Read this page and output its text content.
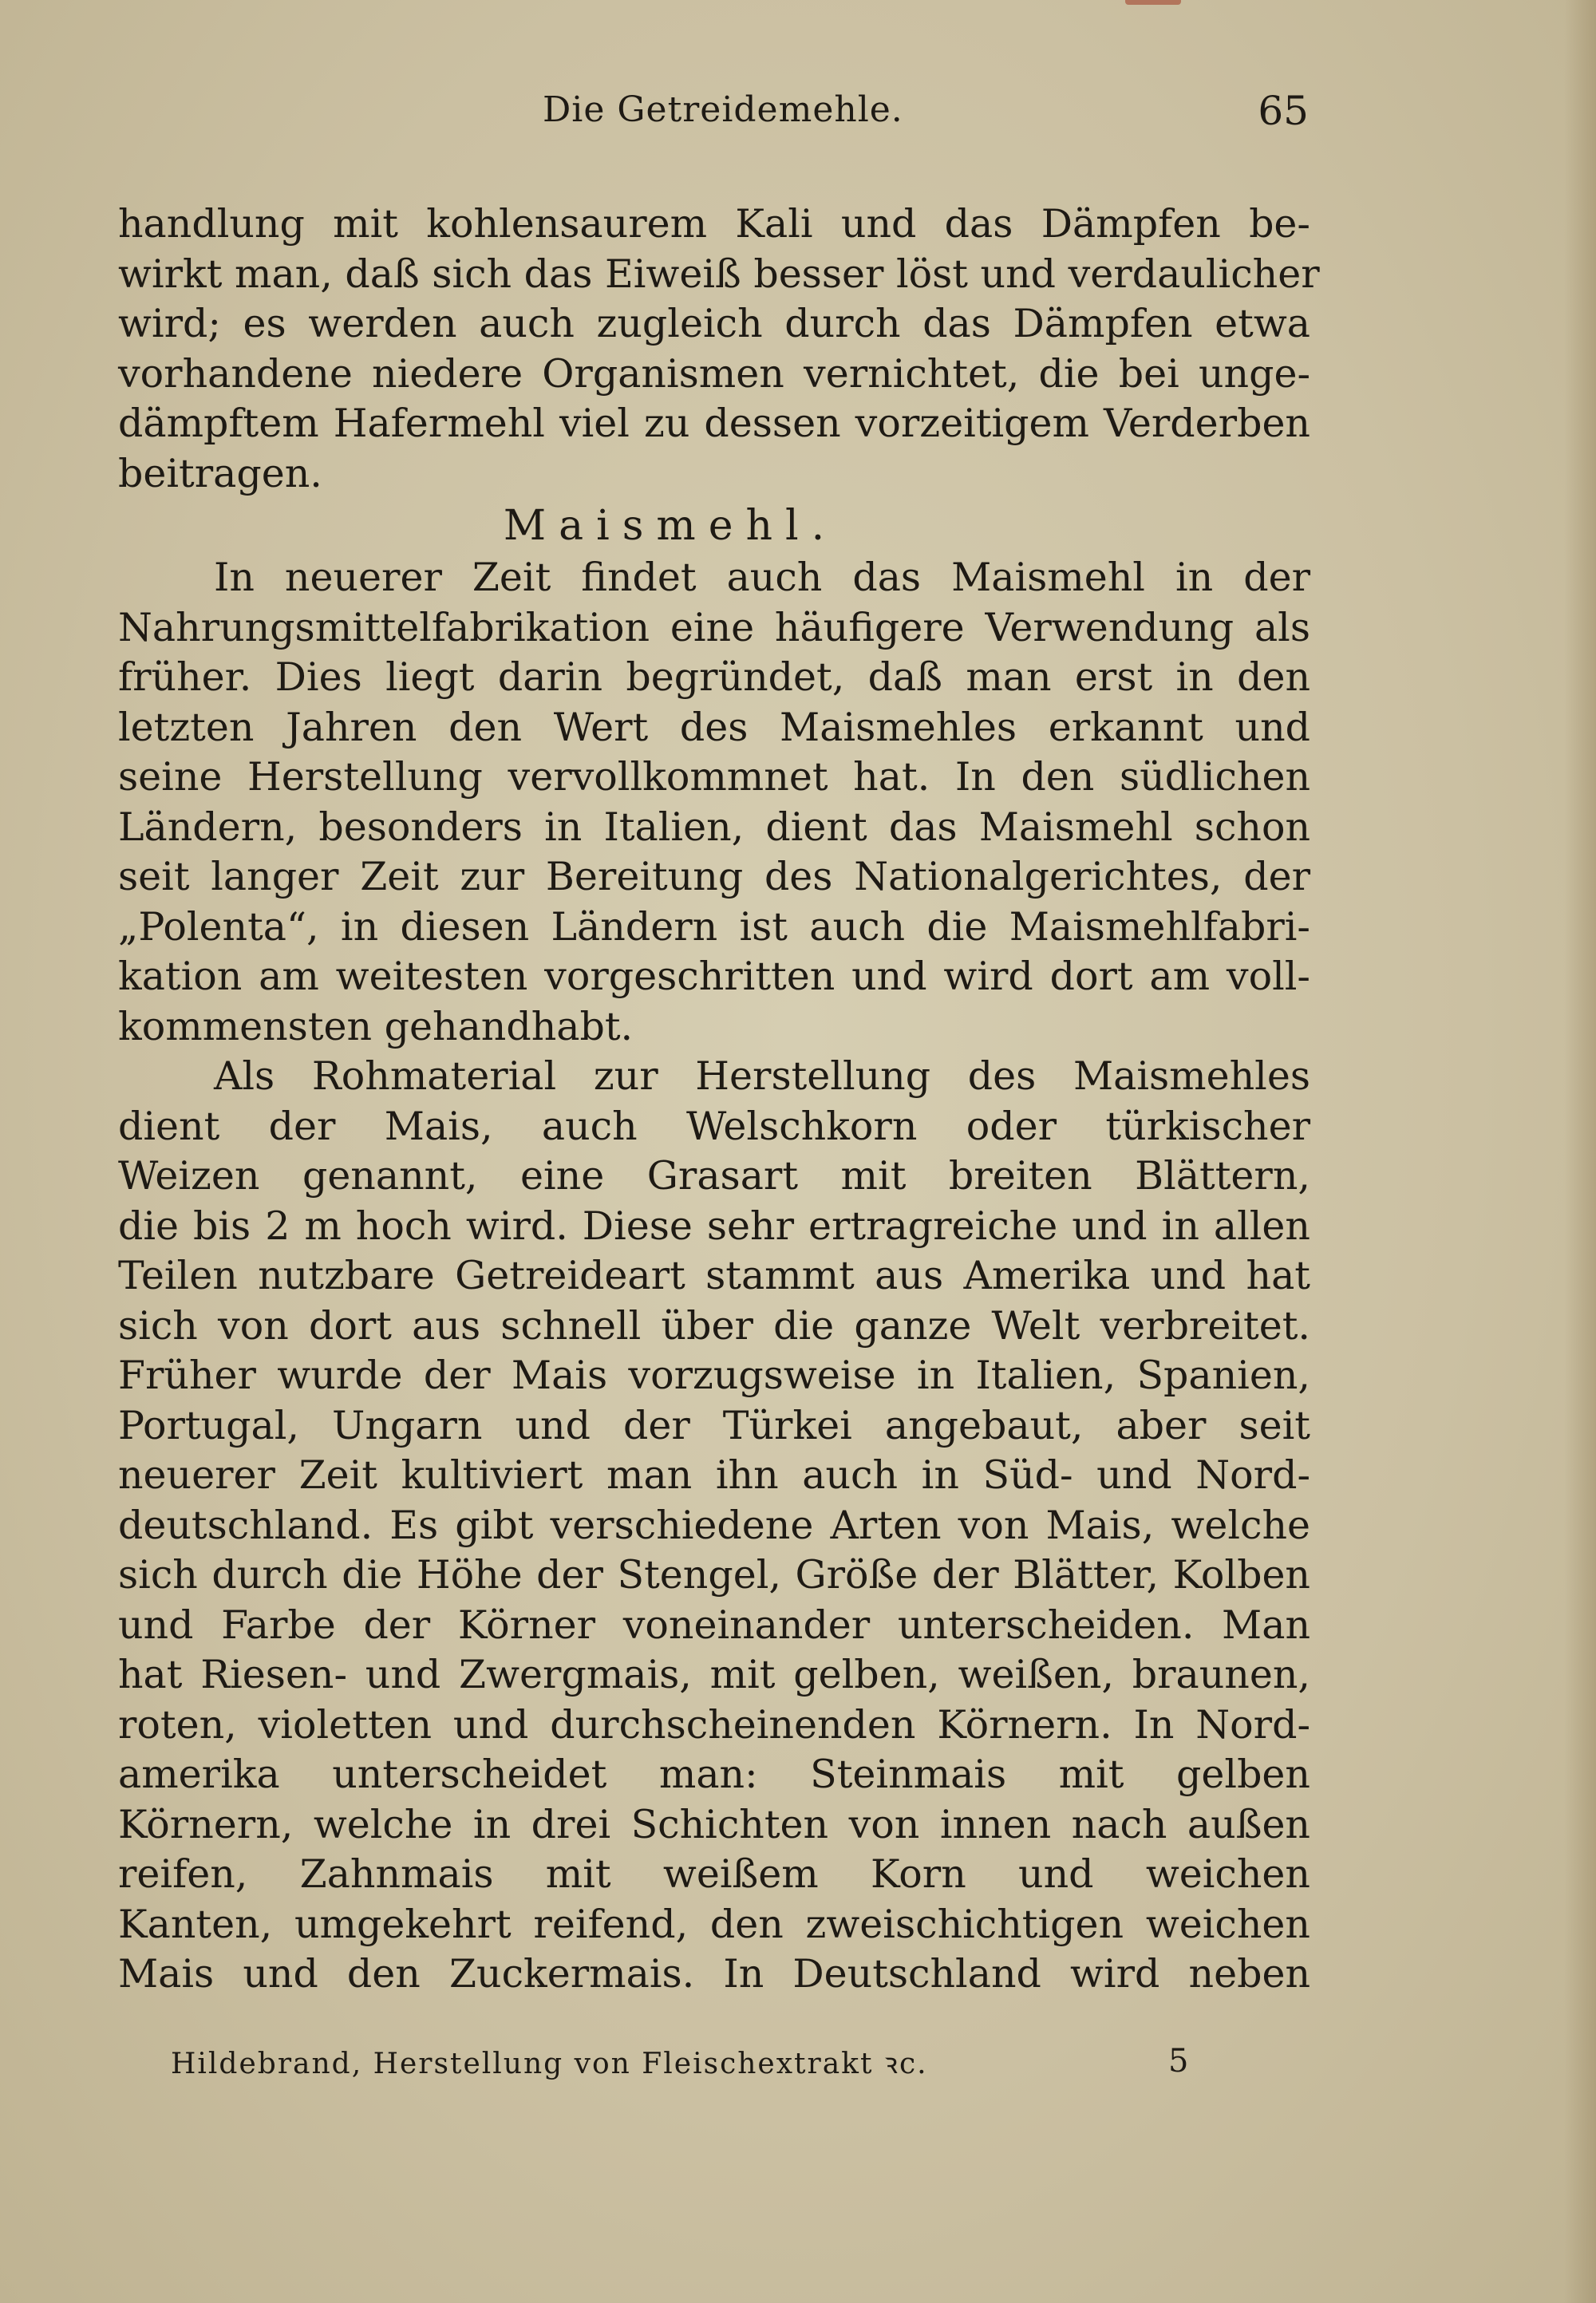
Die Getreidemehle.	65
handlung mit kohlensaurem Kali und das Dämpfen be-
wirkt man, daß sich das Eiweiß besser löst und verdaulicher
wird; es werden auch zugleich durch das Dämpfen etwa
vorhandene niedere Organismen vernichtet, die bei unge-
dämpftem Hafermehl viel zu dessen vorzeitigem Verderben
beitragen.
Maismehl.
In neuerer Zeit findet auch das Maismehl in der
Nahrungsmittelfabrikation eine häufigere Verwendung als
früher. Dies liegt darin begründet, daß man erst in den
letzten Jahren den Wert des Maismehles erkannt und
seine Herstellung vervollkommnet hat. In den südlichen
Ländern, besonders in Italien, dient das Maismehl schon
seit langer Zeit zur Bereitung des Nationalgerichtes, der
„Polenta“, in diesen Ländern ist auch die Maismehlfabri-
kation am weitesten vorgeschritten und wird dort am voll-
kommensten gehandhabt.
Als Rohmaterial zur Herstellung des Maismehles
dient der Mais, auch Welschkorn oder türkischer
Weizen genannt, eine Grasart mit breiten Blättern,
die bis 2 m hoch wird. Diese sehr ertragreiche und in allen
Teilen nutzbare Getreideart stammt aus Amerika und hat
sich von dort aus schnell über die ganze Welt verbreitet.
Früher wurde der Mais vorzugsweise in Italien, Spanien,
Portugal, Ungarn und der Türkei angebaut, aber seit
neuerer Zeit kultiviert man ihn auch in Süd- und Nord-
deutschland. Es gibt verschiedene Arten von Mais, welche
sich durch die Höhe der Stengel, Größe der Blätter, Kolben
und Farbe der Körner voneinander unterscheiden. Man
hat Riesen- und Zwergmais, mit gelben, weißen, braunen,
roten, violetten und durchscheinenden Körnern. In Nord-
amerika unterscheidet man: Steinmais mit gelben
Körnern, welche in drei Schichten von innen nach außen
reifen, Zahnmais mit weißem Korn und weichen
Kanten, umgekehrt reifend, den zweischichtigen weichen
Mais und den Zuckermais. In Deutschland wird neben
Hildebrand, Herstellung von Fleischextrakt ꝛc.	5
